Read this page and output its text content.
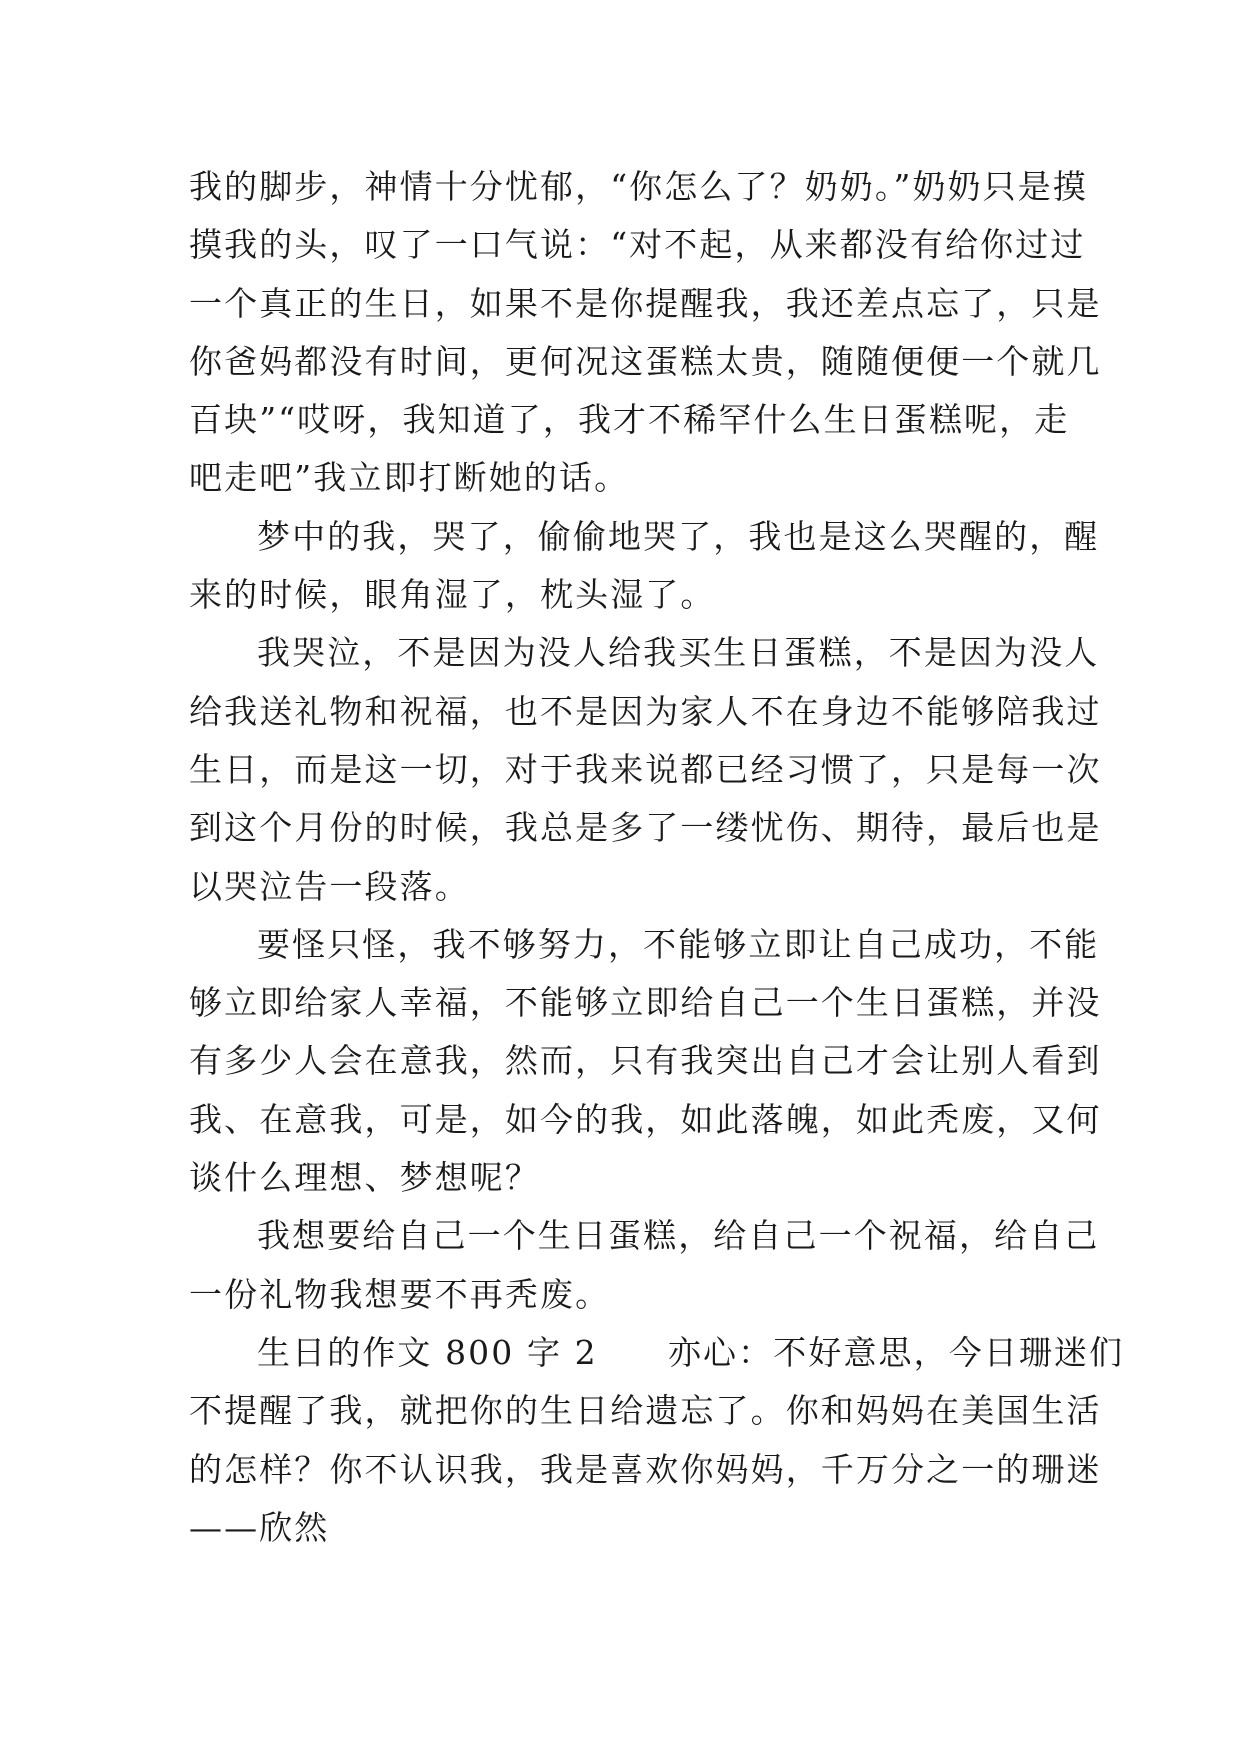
我的脚步，神情十分忧郁，“你怎么了？奶奶。”奶奶只是摸
摸我的头，叹了一口气说：“对不起，从来都没有给你过过
一个真正的生日，如果不是你提醒我，我还差点忘了，只是
你爸妈都没有时间，更何况这蛋糕太贵，随随便便一个就几
百块”“哎呀，我知道了，我才不稀罕什么生日蛋糕呢，走
吧走吧”我立即打断她的话。
梦中的我，哭了，偷偷地哭了，我也是这么哭醒的，醒
来的时候，眼角湿了，枕头湿了。
我哭泣，不是因为没人给我买生日蛋糕，不是因为没人
给我送礼物和祝福，也不是因为家人不在身边不能够陪我过
生日，而是这一切，对于我来说都已经习惯了，只是每一次
到这个月份的时候，我总是多了一缕忧伤、期待，最后也是
以哭泣告一段落。
要怪只怪，我不够努力，不能够立即让自己成功，不能
够立即给家人幸福，不能够立即给自己一个生日蛋糕，并没
有多少人会在意我，然而，只有我突出自己才会让别人看到
我、在意我，可是，如今的我，如此落魄，如此秃废，又何
谈什么理想、梦想呢？
我想要给自己一个生日蛋糕，给自己一个祝福，给自己
一份礼物我想要不再秃废。
生日的作文 800 字 2　　亦心：不好意思，今日珊迷们
不提醒了我，就把你的生日给遗忘了。你和妈妈在美国生活
的怎样？你不认识我，我是喜欢你妈妈，千万分之一的珊迷
——欣然
